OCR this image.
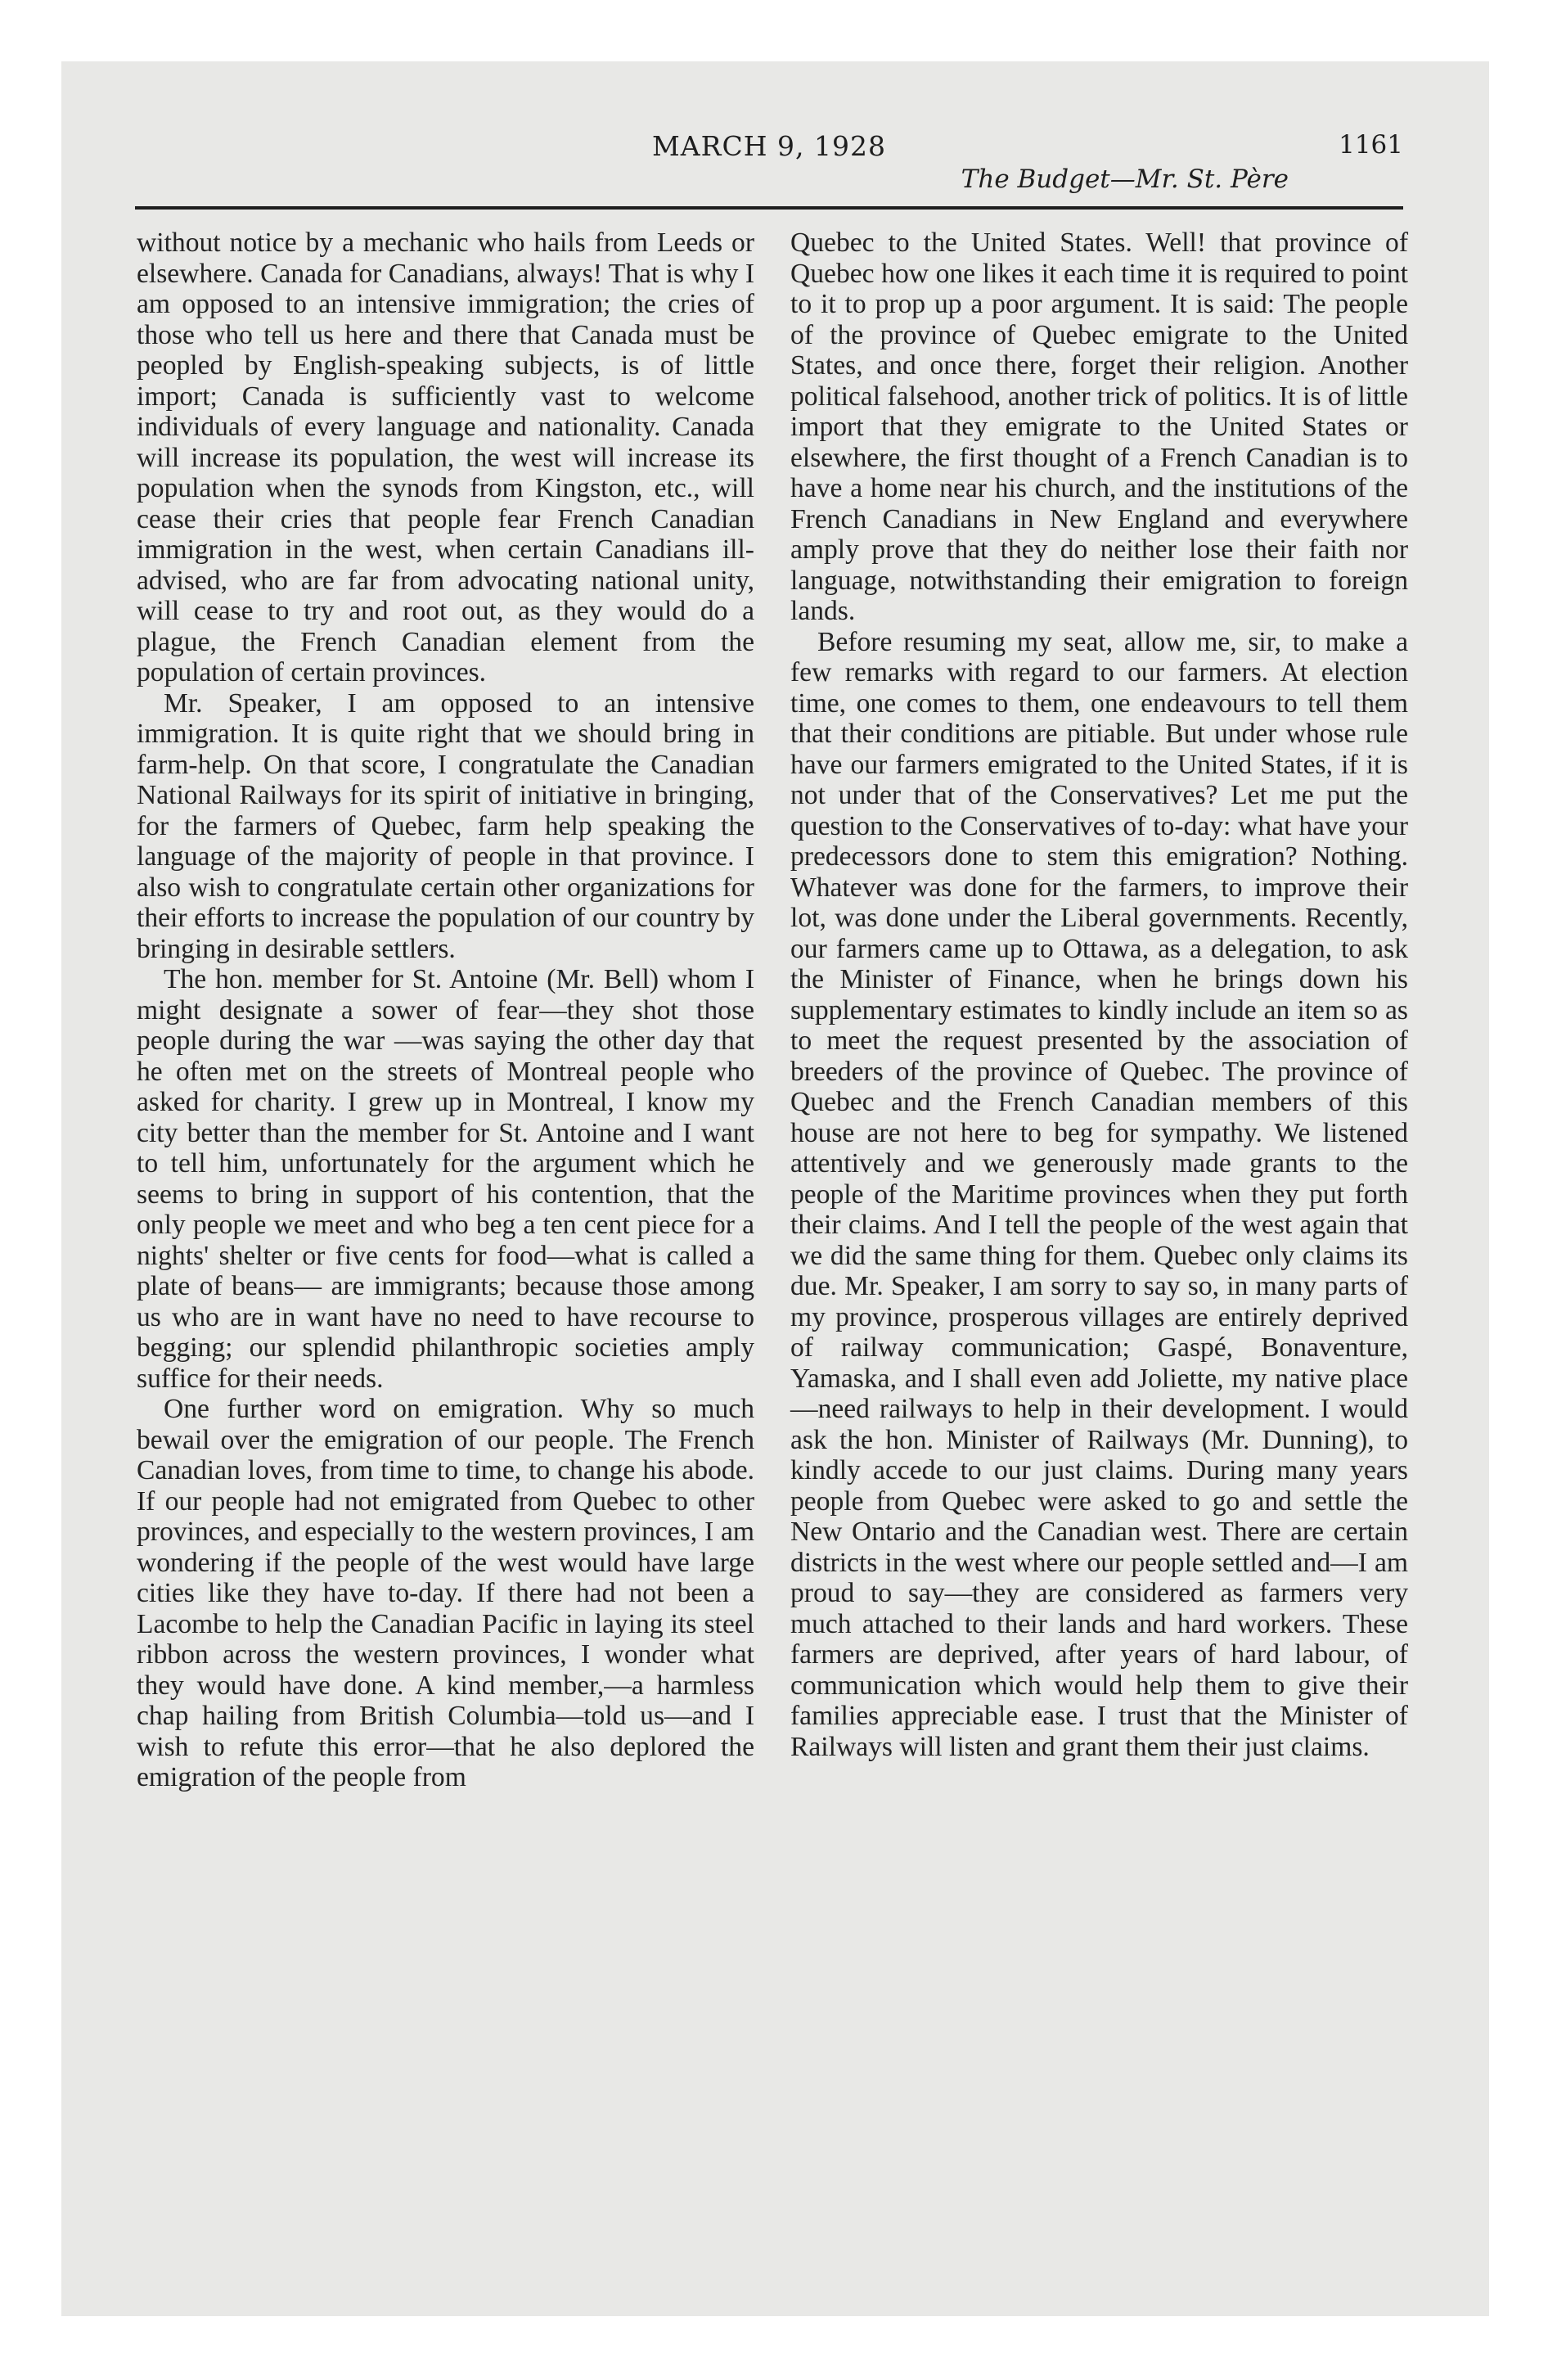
MARCH 9, 1928	1161
The Budget—Mr. St. Père

without notice by a mechanic who hails from Leeds or elsewhere. Canada for Canadians, always! That is why I am opposed to an intensive immigration; the cries of those who tell us here and there that Canada must be peopled by English-speaking subjects, is of little import; Canada is sufficiently vast to welcome individuals of every language and nationality. Canada will increase its population, the west will increase its population when the synods from Kingston, etc., will cease their cries that people fear French Canadian immigration in the west, when certain Canadians ill-advised, who are far from advocating national unity, will cease to try and root out, as they would do a plague, the French Canadian element from the population of certain provinces.

Mr. Speaker, I am opposed to an intensive immigration. It is quite right that we should bring in farm-help. On that score, I congratulate the Canadian National Railways for its spirit of initiative in bringing, for the farmers of Quebec, farm help speaking the language of the majority of people in that province. I also wish to congratulate certain other organizations for their efforts to increase the population of our country by bringing in desirable settlers.

The hon. member for St. Antoine (Mr. Bell) whom I might designate a sower of fear—they shot those people during the war —was saying the other day that he often met on the streets of Montreal people who asked for charity. I grew up in Montreal, I know my city better than the member for St. Antoine and I want to tell him, unfortunately for the argument which he seems to bring in support of his contention, that the only people we meet and who beg a ten cent piece for a nights' shelter or five cents for food—what is called a plate of beans— are immigrants; because those among us who are in want have no need to have recourse to begging; our splendid philanthropic societies amply suffice for their needs.

One further word on emigration. Why so much bewail over the emigration of our people. The French Canadian loves, from time to time, to change his abode. If our people had not emigrated from Quebec to other provinces, and especially to the western provinces, I am wondering if the people of the west would have large cities like they have to-day. If there had not been a Lacombe to help the Canadian Pacific in laying its steel ribbon across the western provinces, I wonder what they would have done. A kind member,—a harmless chap hailing from British Columbia—told us—and I wish to refute this error—that he also deplored the emigration of the people from

Quebec to the United States. Well! that province of Quebec how one likes it each time it is required to point to it to prop up a poor argument. It is said: The people of the province of Quebec emigrate to the United States, and once there, forget their religion. Another political falsehood, another trick of politics. It is of little import that they emigrate to the United States or elsewhere, the first thought of a French Canadian is to have a home near his church, and the institutions of the French Canadians in New England and everywhere amply prove that they do neither lose their faith nor language, notwithstanding their emigration to foreign lands.

Before resuming my seat, allow me, sir, to make a few remarks with regard to our farmers. At election time, one comes to them, one endeavours to tell them that their conditions are pitiable. But under whose rule have our farmers emigrated to the United States, if it is not under that of the Conservatives? Let me put the question to the Conservatives of to-day: what have your predecessors done to stem this emigration? Nothing. Whatever was done for the farmers, to improve their lot, was done under the Liberal governments. Recently, our farmers came up to Ottawa, as a delegation, to ask the Minister of Finance, when he brings down his supplementary estimates to kindly include an item so as to meet the request presented by the association of breeders of the province of Quebec. The province of Quebec and the French Canadian members of this house are not here to beg for sympathy. We listened attentively and we generously made grants to the people of the Maritime provinces when they put forth their claims. And I tell the people of the west again that we did the same thing for them. Quebec only claims its due. Mr. Speaker, I am sorry to say so, in many parts of my province, prosperous villages are entirely deprived of railway communication; Gaspé, Bonaventure, Yamaska, and I shall even add Joliette, my native place—need railways to help in their development. I would ask the hon. Minister of Railways (Mr. Dunning), to kindly accede to our just claims. During many years people from Quebec were asked to go and settle the New Ontario and the Canadian west. There are certain districts in the west where our people settled and—I am proud to say—they are considered as farmers very much attached to their lands and hard workers. These farmers are deprived, after years of hard labour, of communication which would help them to give their families appreciable ease. I trust that the Minister of Railways will listen and grant them their just claims.
